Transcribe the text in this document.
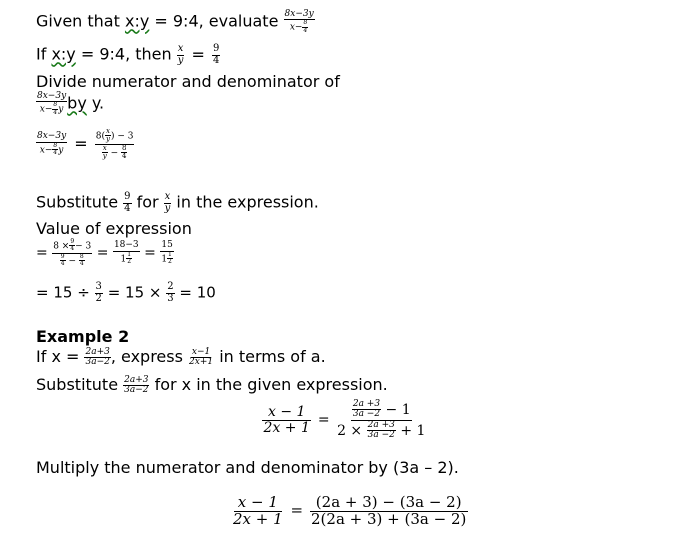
Given that x:y = 9:4, evaluate $\frac{8x-3y}{x- \frac{8}{4}}$
If x:y = 9:4, then $\frac{x}{y} = \frac{9}{4}$
Divide numerator and denominator of
$\frac{8x-3y}{x- \frac{8}{4} y}$ by y.
$\frac{8x-3y}{x- \frac{8}{4} y} = \frac{8( \frac{x}{y} ) - 3}{\frac{x}{y} - \frac{8}{4}}$
Substitute $\frac{9}{4}$ for $\frac{x}{y}$ in the expression.
Value of expression
= $\frac{8 \times \frac{9}{4} - 3}{\frac{9}{4} - \frac{8}{4}} = \frac{18-3}{1 \frac{1}{2}} = \frac{15}{1 \frac{1}{2}}$
= $15 \div \frac{3}{2} = 15 \times \frac{2}{3} = 10$
Example 2
If $x = \frac{2a+3}{3a-2}$ , express $\frac{x-1}{2x+1}$ in terms of a.
Substitute $\frac{2a+3}{3a-2}$ for x in the given expression.
$\frac{x - 1}{2x + 1} = \frac{\frac{2a +3}{3a -2} - 1}{2 \times \frac{2a +3}{3a -2} + 1}$
Multiply the numerator and denominator by (3a – 2).
$\frac{x - 1}{2x + 1} = \frac{(2a + 3) - (3a - 2)}{2(2a + 3) + (3a - 2)}$
